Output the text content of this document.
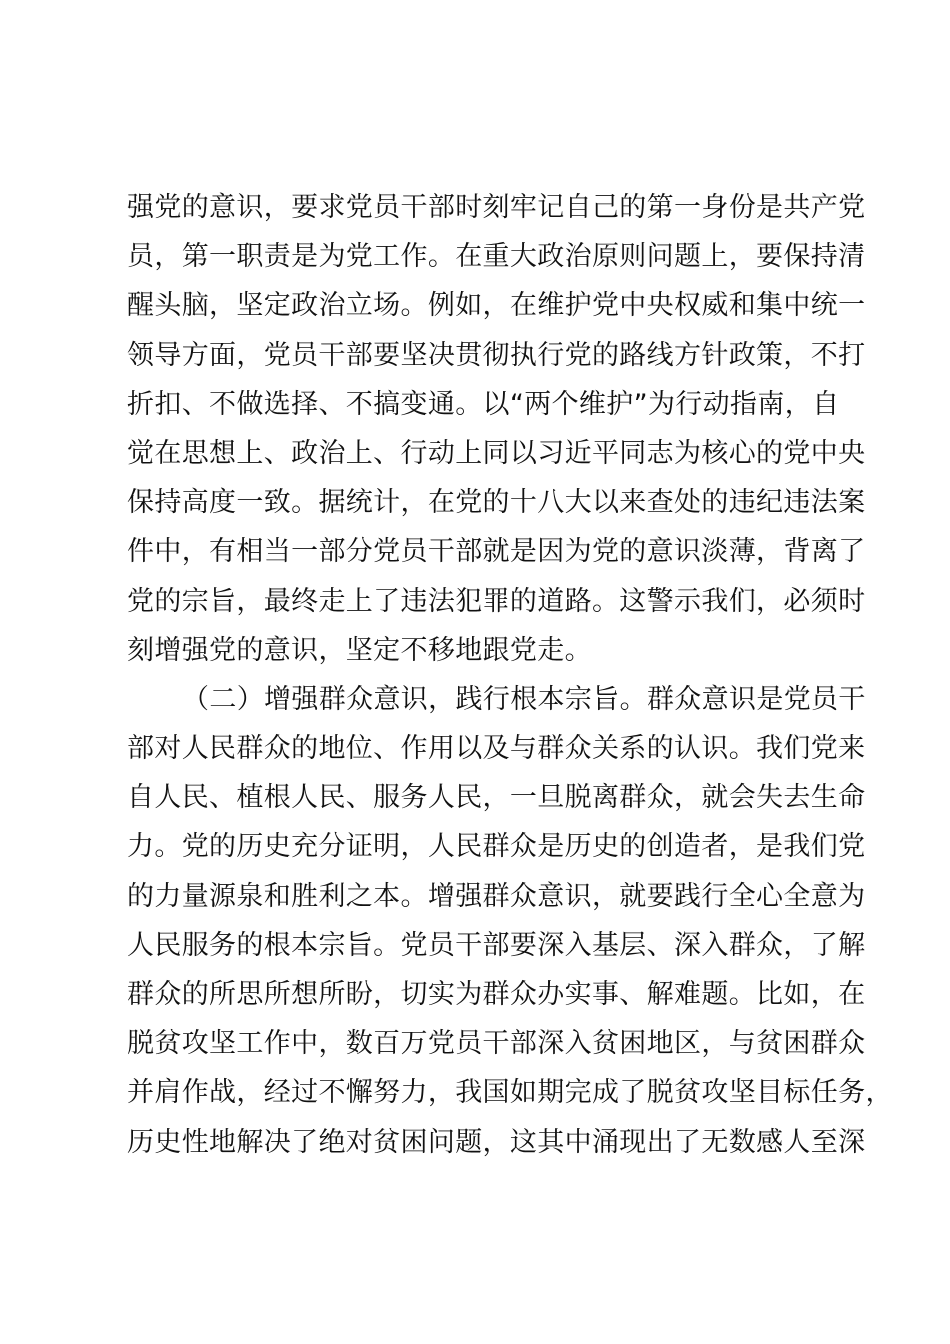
强党的意识，要求党员干部时刻牢记自己的第一身份是共产党
员，第一职责是为党工作。在重大政治原则问题上，要保持清
醒头脑，坚定政治立场。例如，在维护党中央权威和集中统一
领导方面，党员干部要坚决贯彻执行党的路线方针政策，不打
折扣、不做选择、不搞变通。以“两个维护”为行动指南，自
觉在思想上、政治上、行动上同以习近平同志为核心的党中央
保持高度一致。据统计，在党的十八大以来查处的违纪违法案
件中，有相当一部分党员干部就是因为党的意识淡薄，背离了
党的宗旨，最终走上了违法犯罪的道路。这警示我们，必须时
刻增强党的意识，坚定不移地跟党走。
（二）增强群众意识，践行根本宗旨。群众意识是党员干
部对人民群众的地位、作用以及与群众关系的认识。我们党来
自人民、植根人民、服务人民，一旦脱离群众，就会失去生命
力。党的历史充分证明，人民群众是历史的创造者，是我们党
的力量源泉和胜利之本。增强群众意识，就要践行全心全意为
人民服务的根本宗旨。党员干部要深入基层、深入群众，了解
群众的所思所想所盼，切实为群众办实事、解难题。比如，在
脱贫攻坚工作中，数百万党员干部深入贫困地区，与贫困群众
并肩作战，经过不懈努力，我国如期完成了脱贫攻坚目标任务，
历史性地解决了绝对贫困问题，这其中涌现出了无数感人至深
